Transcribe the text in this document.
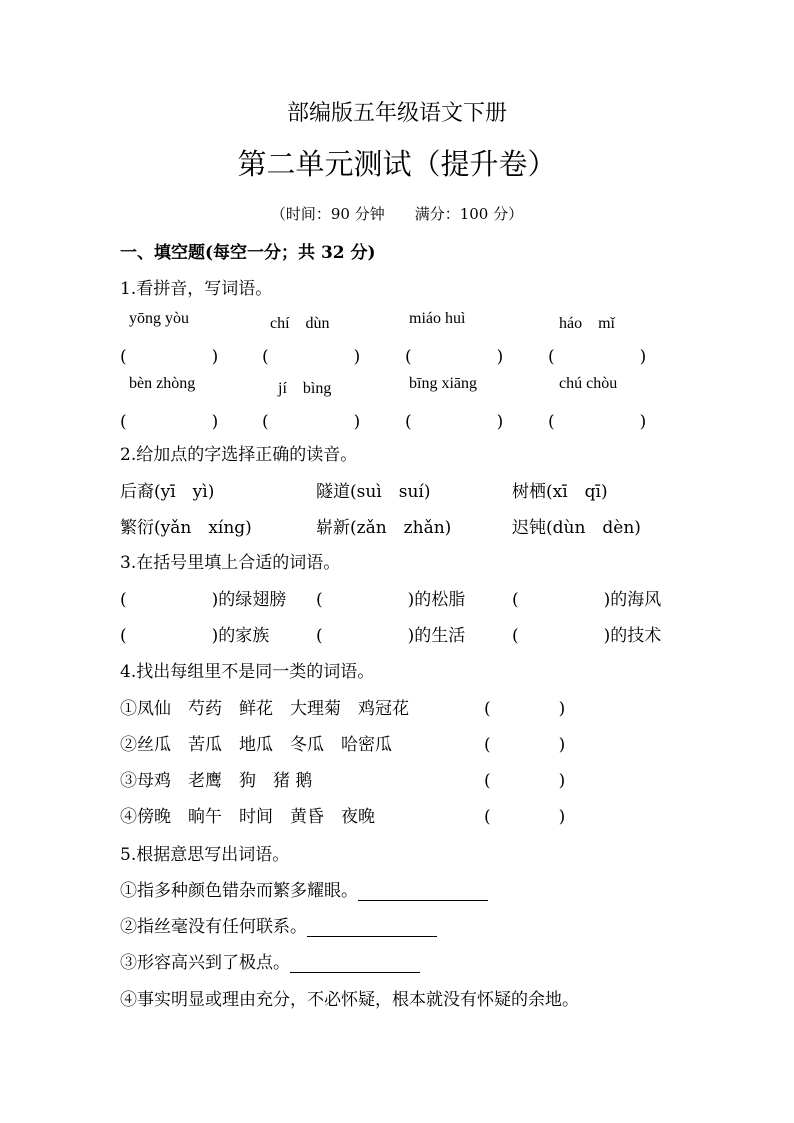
部编版五年级语文下册
第二单元测试（提升卷）
（时间：90 分钟 满分：100 分）
一、填空题(每空一分；共 32 分)
1.看拼音，写词语。
yōng yòu	chí　dùn	miáo huì	háo　mǐ
(　　　　　)	(　　　　　)	(　　　　　)	(　　　　　)
bèn zhòng	jí　bìng	bīng xiāng	chú chòu
(　　　　　)	(　　　　　)	(　　　　　)	(　　　　　)
2.给加点的字选择正确的读音。
后裔(yī　yì)	隧道(suì　suí)	树栖(xī　qī)
繁衍(yǎn　xíng)	崭新(zǎn　zhǎn)	迟钝(dùn　dèn)
3.在括号里填上合适的词语。
(　　　　　)的绿翅膀 (　　　　　)的松脂	(　　　　　)的海风
(　　　　　)的家族	(　　　　　)的生活	(　　　　　)的技术
4.找出每组里不是同一类的词语。
①凤仙　芍药　鲜花　大理菊　鸡冠花	(　　　　)
②丝瓜　苦瓜　地瓜　冬瓜　哈密瓜	(　　　　)
③母鸡　老鹰　狗　猪 鹅	(　　　　)
④傍晚　晌午　时间　黄昏　夜晚	(　　　　)
5.根据意思写出词语。
①指多种颜色错杂而繁多耀眼。
②指丝毫没有任何联系。
③形容高兴到了极点。
④事实明显或理由充分，不必怀疑，根本就没有怀疑的余地。
